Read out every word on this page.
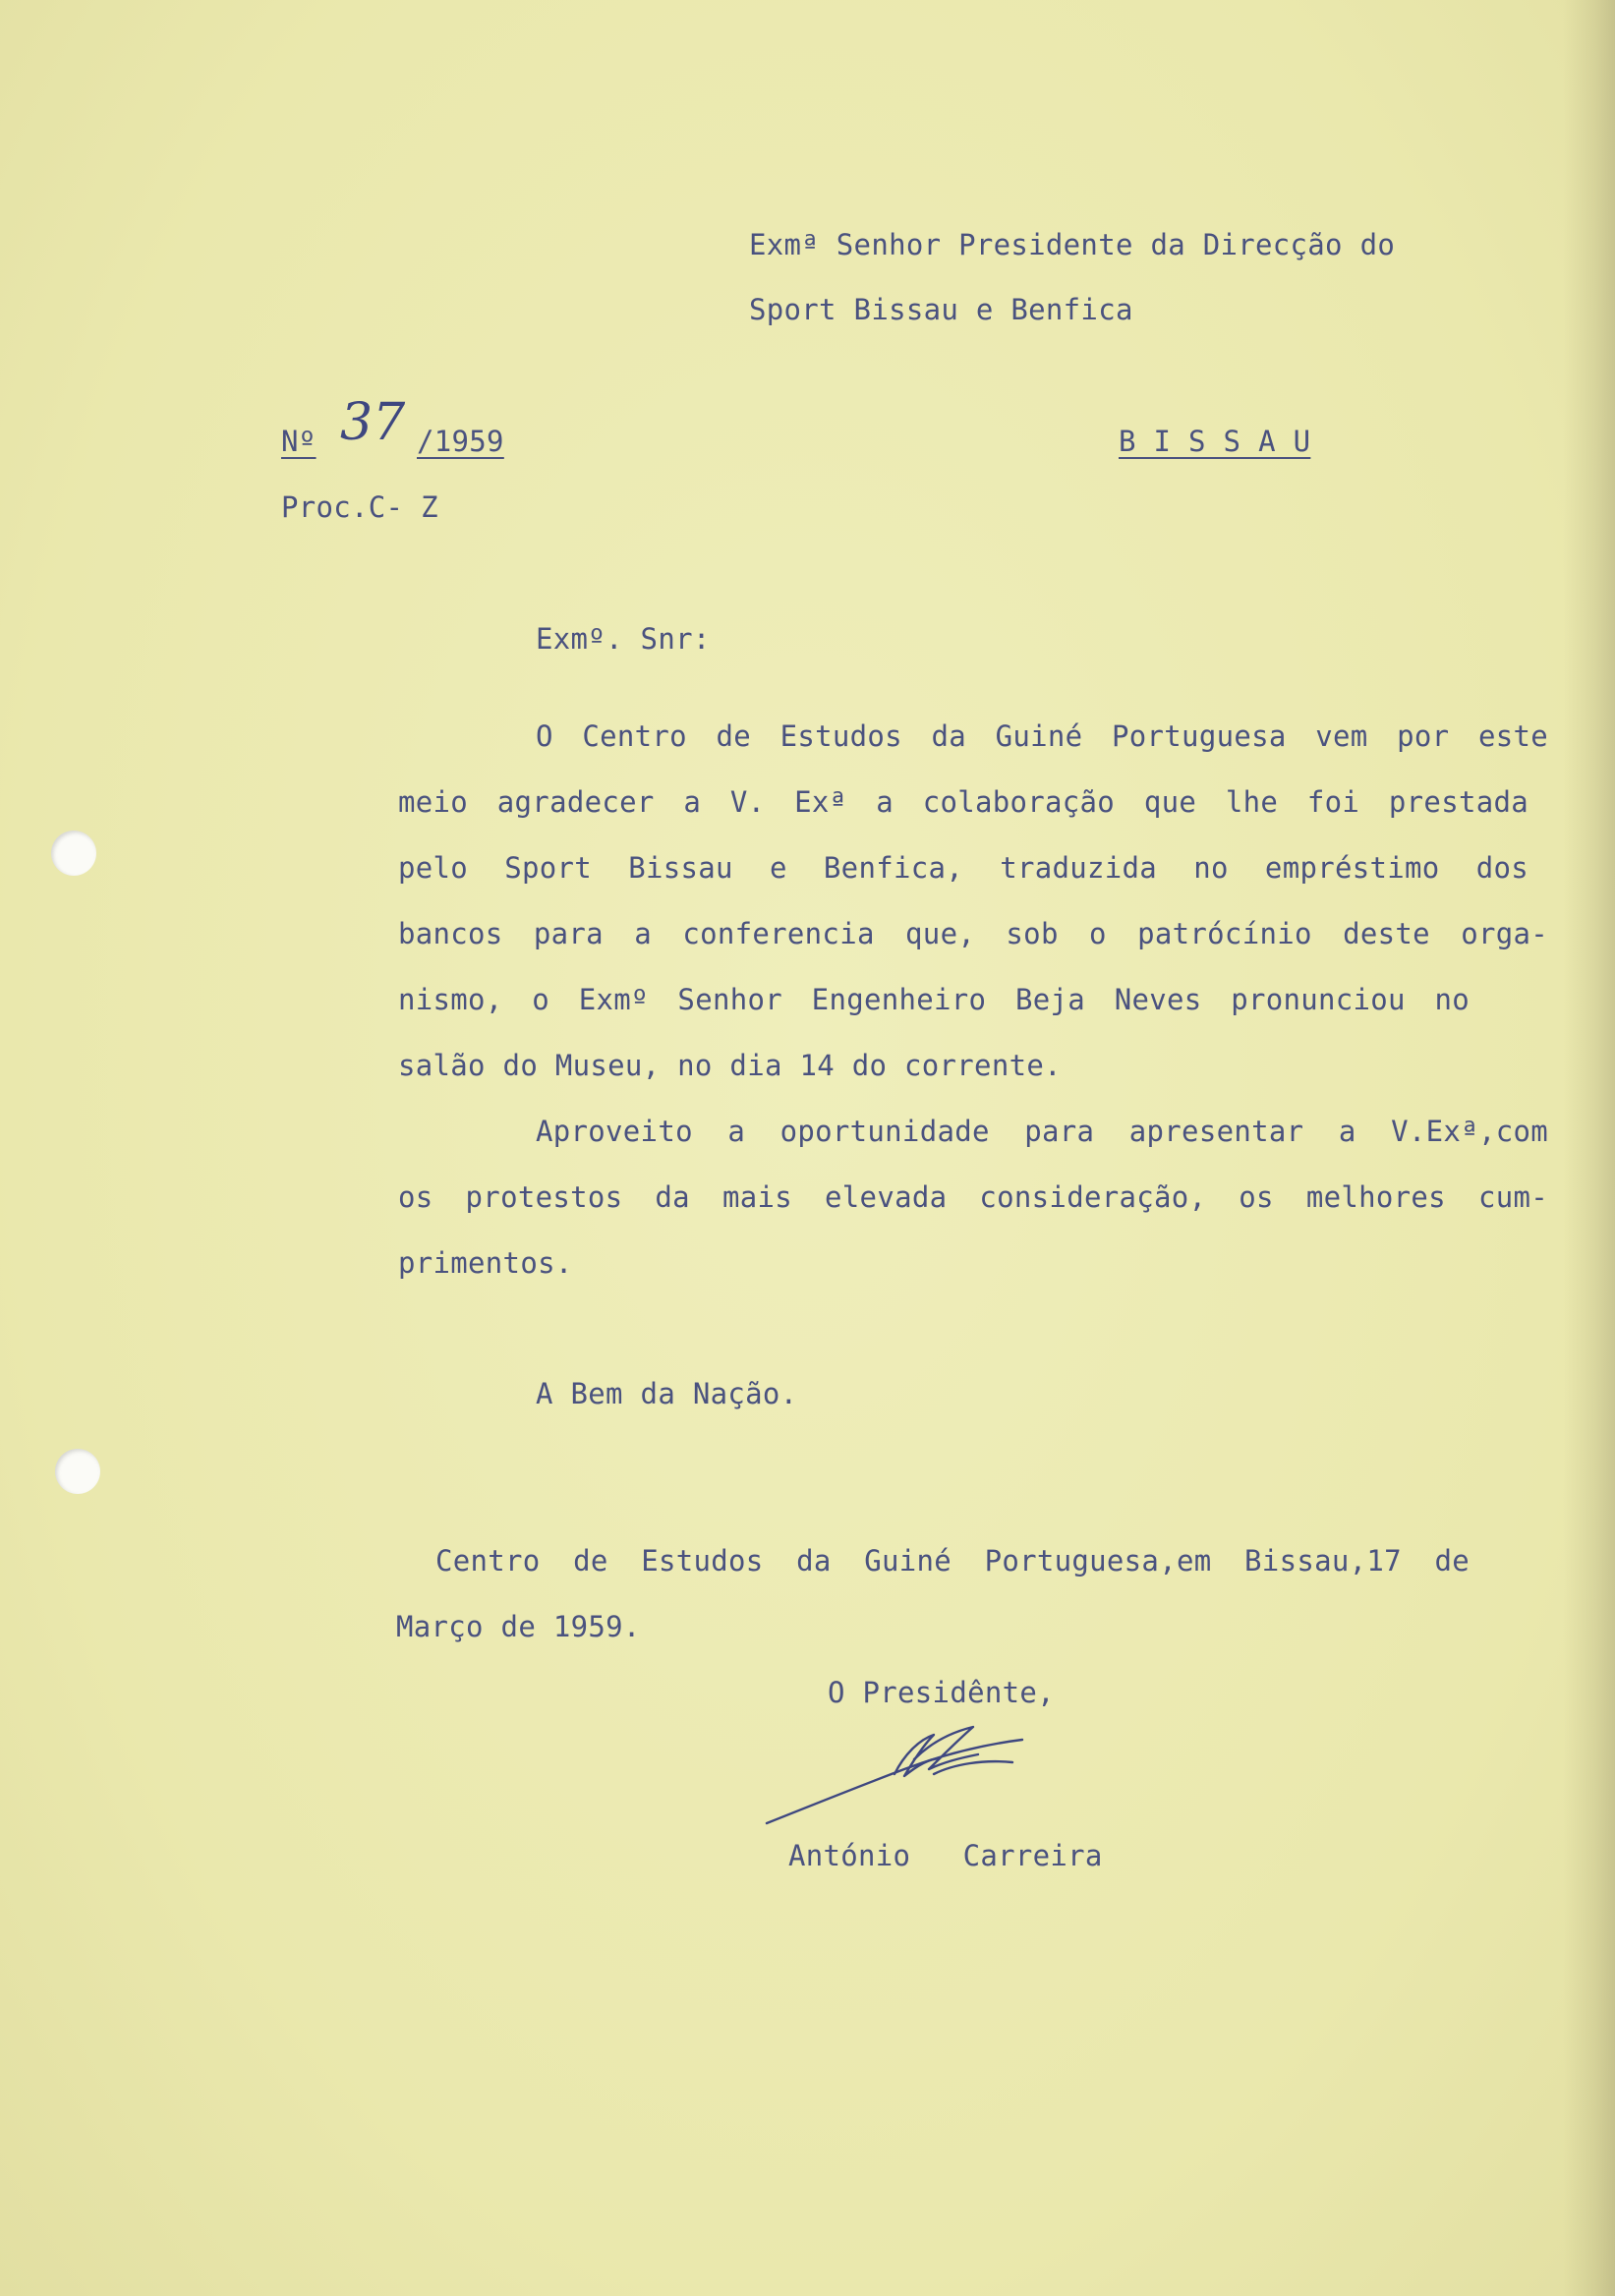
Exmª Senhor Presidente da Direcção do
Sport Bissau e Benfica
Nº 37 /1959	B I S S A U
Proc.C- Z
Exmº. Snr:
O Centro de Estudos da Guiné Portuguesa vem por este
meio agradecer a V. Exª a colaboração que lhe foi prestada
pelo Sport Bissau e Benfica, traduzida no empréstimo dos
bancos para a conferencia que, sob o patrócínio deste orga-
nismo, o Exmº Senhor Engenheiro Beja Neves pronunciou no
salão do Museu, no dia 14 do corrente.
Aproveito a oportunidade para apresentar a V.Exª,com
os protestos da mais elevada consideração, os melhores cum-
primentos.
A Bem da Nação.
Centro de Estudos da Guiné Portuguesa,em Bissau,17 de
Março de 1959.
O Presidênte,
António   Carreira
